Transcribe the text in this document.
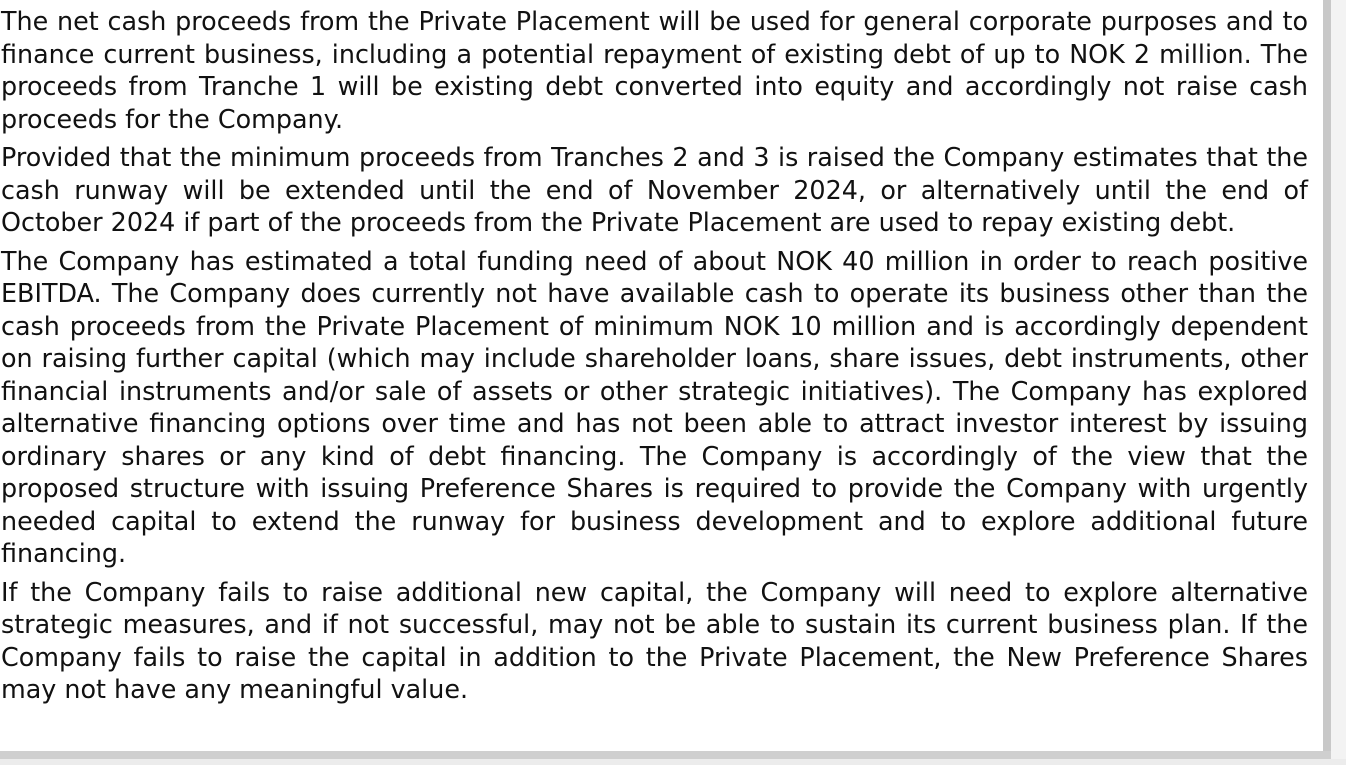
The net cash proceeds from the Private Placement will be used for general corporate purposes and to finance current business, including a potential repayment of existing debt of up to NOK 2 million. The proceeds from Tranche 1 will be existing debt converted into equity and accordingly not raise cash proceeds for the Company.

Provided that the minimum proceeds from Tranches 2 and 3 is raised the Company estimates that the cash runway will be extended until the end of November 2024, or alternatively until the end of October 2024 if part of the proceeds from the Private Placement are used to repay existing debt.

The Company has estimated a total funding need of about NOK 40 million in order to reach positive EBITDA. The Company does currently not have available cash to operate its business other than the cash proceeds from the Private Placement of minimum NOK 10 million and is accordingly dependent on raising further capital (which may include shareholder loans, share issues, debt instruments, other financial instruments and/or sale of assets or other strategic initiatives). The Company has explored alternative financing options over time and has not been able to attract investor interest by issuing ordinary shares or any kind of debt financing. The Company is accordingly of the view that the proposed structure with issuing Preference Shares is required to provide the Company with urgently needed capital to extend the runway for business development and to explore additional future financing.

If the Company fails to raise additional new capital, the Company will need to explore alternative strategic measures, and if not successful, may not be able to sustain its current business plan. If the Company fails to raise the capital in addition to the Private Placement, the New Preference Shares may not have any meaningful value.
